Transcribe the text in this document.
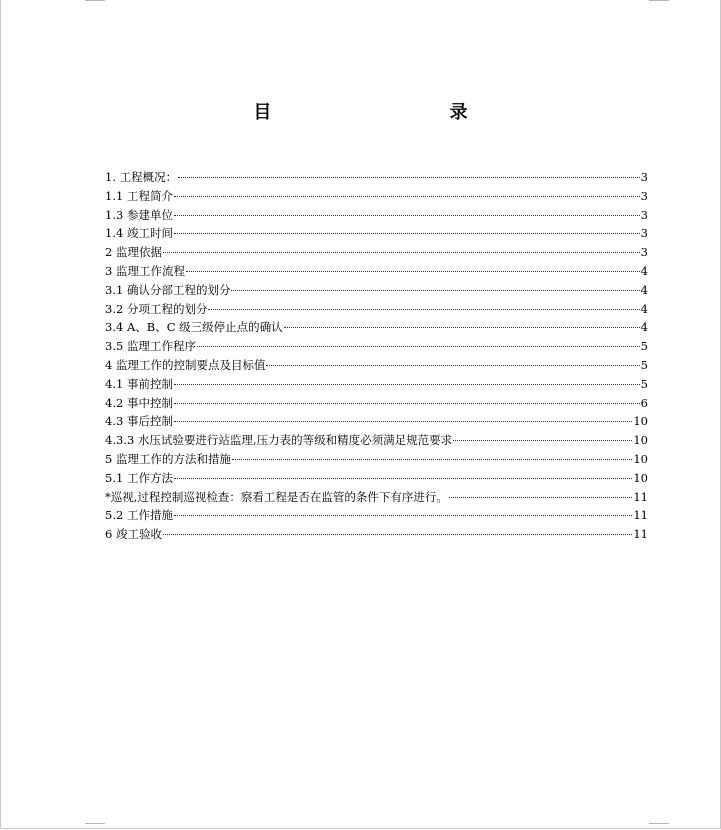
目 录
1. 工程概况：	3
1.1 工程简介	3
1.3 参建单位	3
1.4 竣工时间	3
2 监理依据	3
3 监理工作流程	4
3.1 确认分部工程的划分	4
3.2 分项工程的划分	4
3.4 A、B、C 级三级停止点的确认	4
3.5 监理工作程序	5
4 监理工作的控制要点及目标值	5
4.1 事前控制	5
4.2 事中控制	6
4.3 事后控制	10
4.3.3 水压试验要进行站监理,压力表的等级和精度必须满足规范要求	10
5 监理工作的方法和措施	10
5.1 工作方法	10
*巡视,过程控制巡视检查：察看工程是否在监管的条件下有序进行。	11
5.2 工作措施	11
6 竣工验收	11
